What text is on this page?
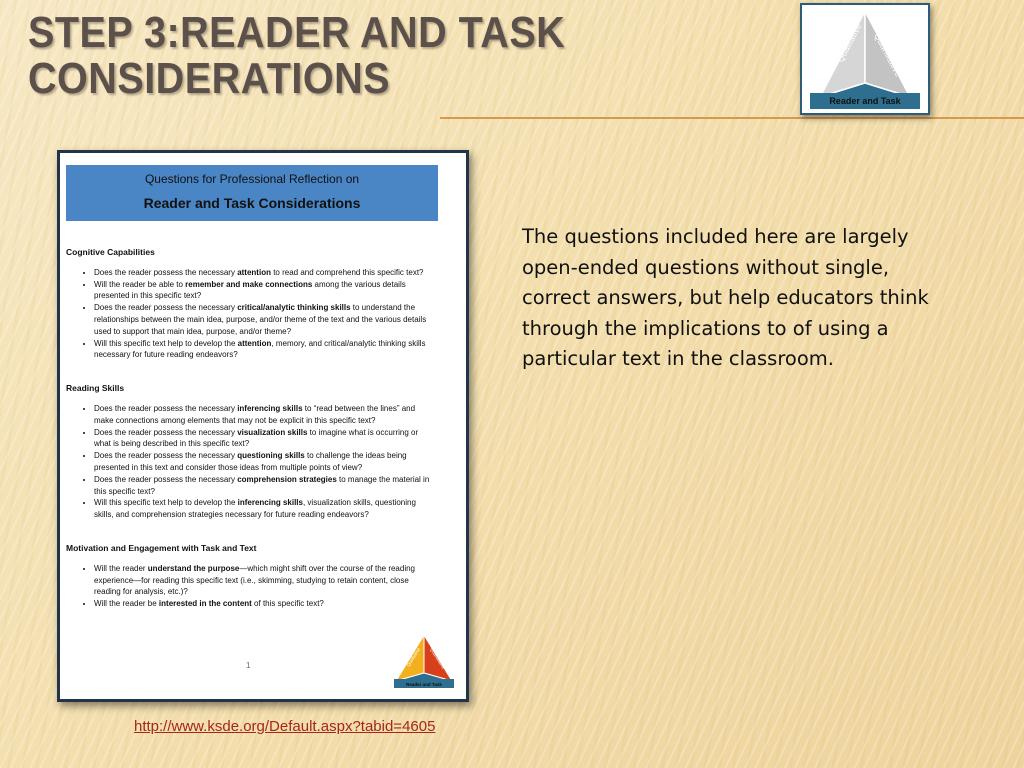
STEP 3:READER AND TASK
CONSIDERATIONS
Qualitative Quantitative
Reader and Task
Questions for Professional Reflection on
Reader and Task Considerations
Cognitive Capabilities
• Does the reader possess the necessary attention to read and comprehend this specific text?
• Will the reader be able to remember and make connections among the various details presented in this specific text?
• Does the reader possess the necessary critical/analytic thinking skills to understand the relationships between the main idea, purpose, and/or theme of the text and the various details used to support that main idea, purpose, and/or theme?
• Will this specific text help to develop the attention, memory, and critical/analytic thinking skills necessary for future reading endeavors?
Reading Skills
• Does the reader possess the necessary inferencing skills to “read between the lines” and make connections among elements that may not be explicit in this specific text?
• Does the reader possess the necessary visualization skills to imagine what is occurring or what is being described in this specific text?
• Does the reader possess the necessary questioning skills to challenge the ideas being presented in this text and consider those ideas from multiple points of view?
• Does the reader possess the necessary comprehension strategies to manage the material in this specific text?
• Will this specific text help to develop the inferencing skills, visualization skills, questioning skills, and comprehension strategies necessary for future reading endeavors?
Motivation and Engagement with Task and Text
• Will the reader understand the purpose—which might shift over the course of the reading experience—for reading this specific text (i.e., skimming, studying to retain content, close reading for analysis, etc.)?
• Will the reader be interested in the content of this specific text?
1	Qualitative Quantitative
Reader and Task
The questions included here are largely open-ended questions without single, correct answers, but help educators think through the implications to of using a particular text in the classroom.
http://www.ksde.org/Default.aspx?tabid=4605
